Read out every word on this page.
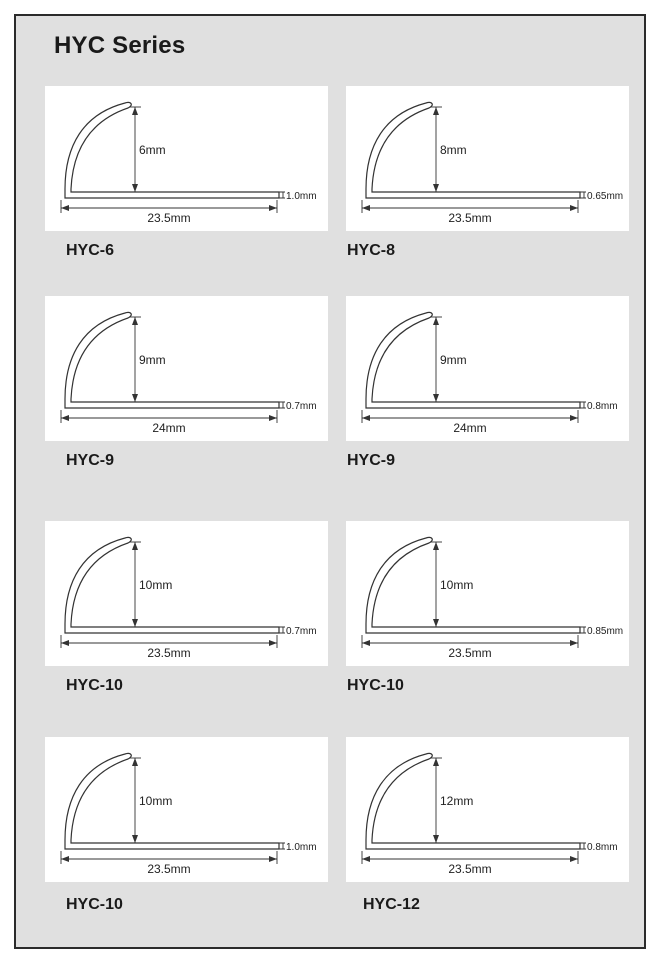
HYC Series
6mm
23.5mm
1.0mm
HYC-6
8mm
23.5mm
0.65mm
HYC-8
9mm
24mm
0.7mm
HYC-9
9mm
24mm
0.8mm
HYC-9
10mm
23.5mm
0.7mm
HYC-10
10mm
23.5mm
0.85mm
HYC-10
10mm
23.5mm
1.0mm
HYC-10
12mm
23.5mm
0.8mm
HYC-12
